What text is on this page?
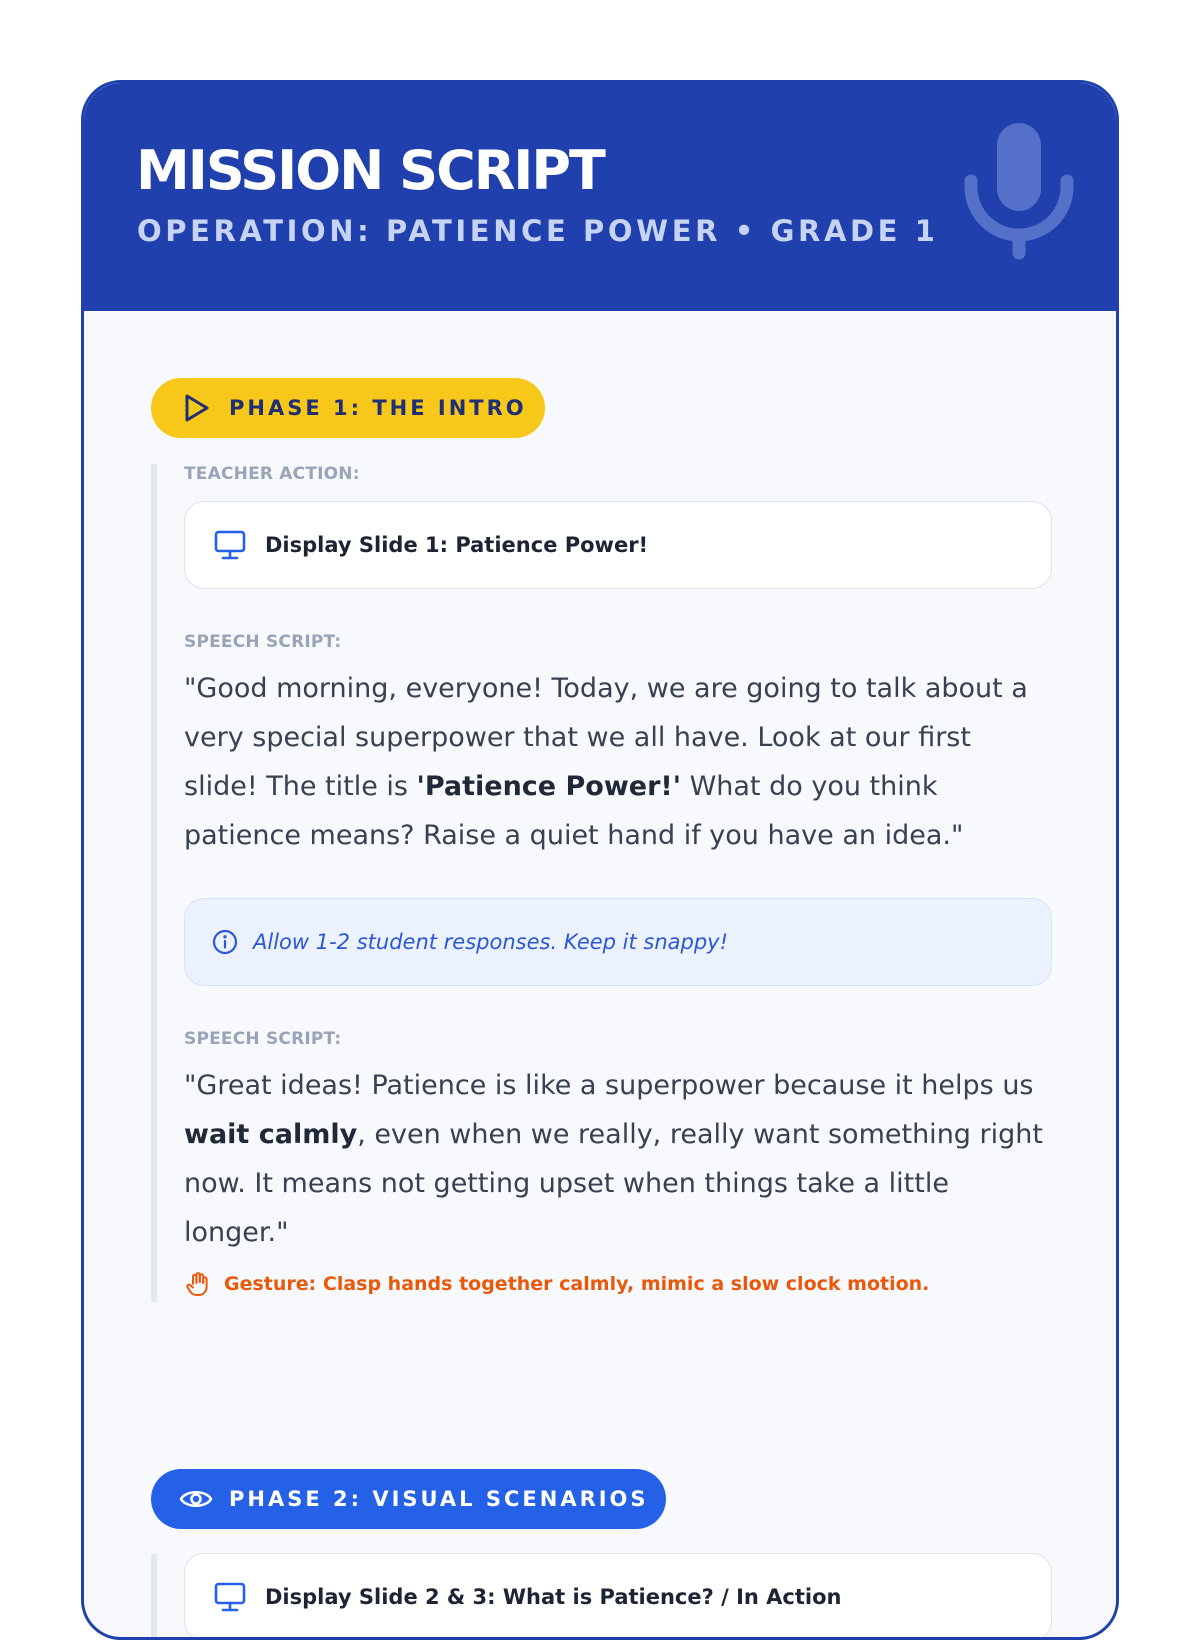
MISSION SCRIPT
OPERATION: PATIENCE POWER • GRADE 1
PHASE 1: THE INTRO
TEACHER ACTION:
Display Slide 1: Patience Power!
SPEECH SCRIPT:

"Good morning, everyone! Today, we are going to talk about a very special superpower that we all have. Look at our first slide! The title is 'Patience Power!' What do you think patience means? Raise a quiet hand if you have an idea."

Allow 1-2 student responses. Keep it snappy!
SPEECH SCRIPT:

"Great ideas! Patience is like a superpower because it helps us wait calmly, even when we really, really want something right now. It means not getting upset when things take a little longer."

Gesture: Clasp hands together calmly, mimic a slow clock motion.
PHASE 2: VISUAL SCENARIOS
Display Slide 2 & 3: What is Patience? / In Action
